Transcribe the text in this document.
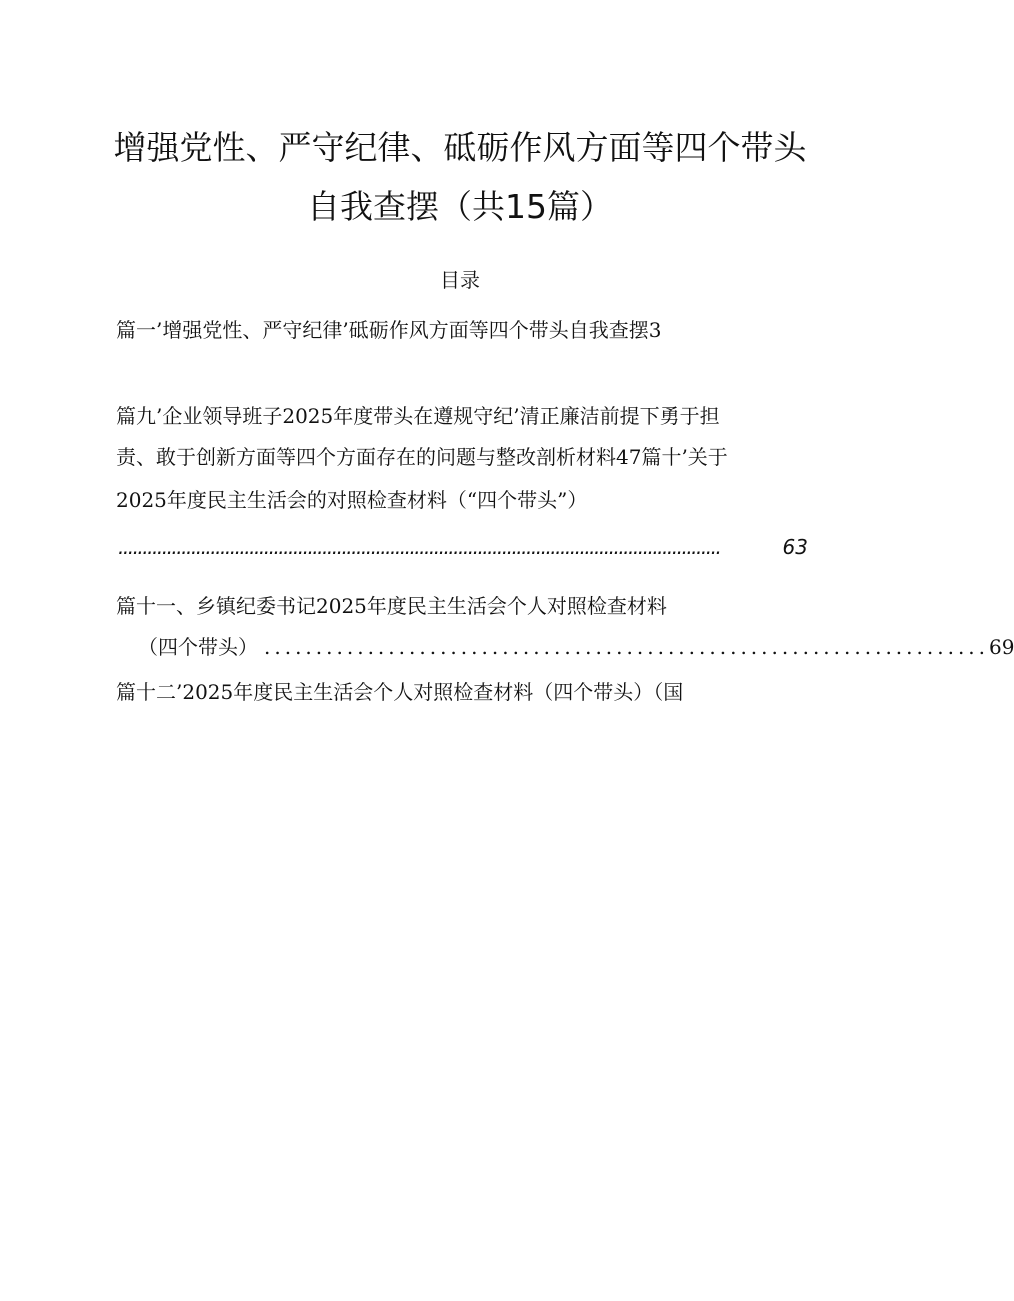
增强党性、严守纪律、砥砺作风方面等四个带头
自我查摆（共15篇）
目录
篇一’增强党性、严守纪律’砥砺作风方面等四个带头自我查摆3
篇九’企业领导班子2025年度带头在遵规守纪’清正廉洁前提下勇于担
责、敢于创新方面等四个方面存在的问题与整改剖析材料47篇十’关于
2025年度民主生活会的对照检查材料（“四个带头”）
............................................................................................................................	63
篇十一、乡镇纪委书记2025年度民主生活会个人对照检查材料
（四个带头） ...................................................................... 69
篇十二’2025年度民主生活会个人对照检查材料（四个带头）（国
